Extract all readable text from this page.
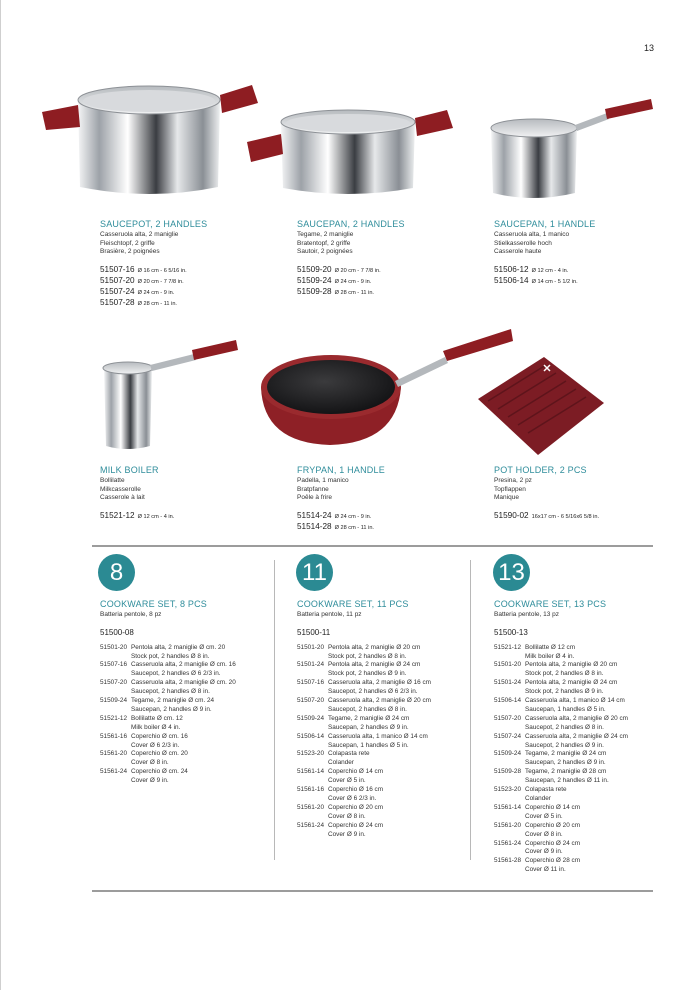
13
SAUCEPOT, 2 HANDLES
Casseruola alta, 2 maniglie
Fleischtopf, 2 griffe
Brasière, 2 poignées
51507-16 Ø 16 cm - 6 5/16 in.
51507-20 Ø 20 cm - 7 7/8 in.
51507-24 Ø 24 cm - 9 in.
51507-28 Ø 28 cm - 11 in.
SAUCEPAN, 2 HANDLES
Tegame, 2 maniglie
Bratentopf, 2 griffe
Sautoir, 2 poignées
51509-20 Ø 20 cm - 7 7/8 in.
51509-24 Ø 24 cm - 9 in.
51509-28 Ø 28 cm - 11 in.
SAUCEPAN, 1 HANDLE
Casseruola alta, 1 manico
Stielkasserolle hoch
Casserole haute
51506-12 Ø 12 cm - 4 in.
51506-14 Ø 14 cm - 5 1/2 in.
MILK BOILER
Bollilatte
Milkcasserolle
Casserole à lait
51521-12 Ø 12 cm - 4 in.
FRYPAN, 1 HANDLE
Padella, 1 manico
Bratpfanne
Poêle à frire
51514-24 Ø 24 cm - 9 in.
51514-28 Ø 28 cm - 11 in.
POT HOLDER, 2 PCS
Presina, 2 pz
Topflappen
Manique
51590-02 16x17 cm - 6 5/16x6 5/8 in.
8	11	13
COOKWARE SET, 8 PCS
Batteria pentole, 8 pz
51500-08
51501-20 Pentola alta, 2 maniglie Ø cm. 20
Stock pot, 2 handles Ø 8 in.
51507-16 Casseruola alta, 2 maniglie Ø cm. 16
Saucepot, 2 handles Ø 6 2/3 in.
51507-20 Casseruola alta, 2 maniglie Ø cm. 20
Saucepot, 2 handles Ø 8 in.
51509-24 Tegame, 2 maniglie Ø cm. 24
Saucepan, 2 handles Ø 9 in.
51521-12 Bollilatte Ø cm. 12
Milk boiler Ø 4 in.
51561-16 Coperchio Ø cm. 16
Cover Ø 6 2/3 in.
51561-20 Coperchio Ø cm. 20
Cover Ø 8 in.
51561-24 Coperchio Ø cm. 24
Cover Ø 9 in.
COOKWARE SET, 11 PCS
Batteria pentole, 11 pz
51500-11
51501-20 Pentola alta, 2 maniglie Ø 20 cm
Stock pot, 2 handles Ø 8 in.
51501-24 Pentola alta, 2 maniglie Ø 24 cm
Stock pot, 2 handles Ø 9 in.
51507-16 Casseruola alta, 2 maniglie Ø 16 cm
Saucepot, 2 handles Ø 6 2/3 in.
51507-20 Casseruola alta, 2 maniglie Ø 20 cm
Saucepot, 2 handles Ø 8 in.
51509-24 Tegame, 2 maniglie Ø 24 cm
Saucepan, 2 handles Ø 9 in.
51506-14 Casseruola alta, 1 manico Ø 14 cm
Saucepan, 1 handles Ø 5 in.
51523-20 Colapasta rete
Colander
51561-14 Coperchio Ø 14 cm
Cover Ø 5 in.
51561-16 Coperchio Ø 16 cm
Cover Ø 6 2/3 in.
51561-20 Coperchio Ø 20 cm
Cover Ø 8 in.
51561-24 Coperchio Ø 24 cm
Cover Ø 9 in.
COOKWARE SET, 13 PCS
Batteria pentole, 13 pz
51500-13
51521-12 Bollilatte Ø 12 cm
Milk boiler Ø 4 in.
51501-20 Pentola alta, 2 maniglie Ø 20 cm
Stock pot, 2 handles Ø 8 in.
51501-24 Pentola alta, 2 maniglie Ø 24 cm
Stock pot, 2 handles Ø 9 in.
51506-14 Casseruola alta, 1 manico Ø 14 cm
Saucepan, 1 handles Ø 5 in.
51507-20 Casseruola alta, 2 maniglie Ø 20 cm
Saucepot, 2 handles Ø 8 in.
51507-24 Casseruola alta, 2 maniglie Ø 24 cm
Saucepot, 2 handles Ø 9 in.
51509-24 Tegame, 2 maniglie Ø 24 cm
Saucepan, 2 handles Ø 9 in.
51509-28 Tegame, 2 maniglie Ø 28 cm
Saucepan, 2 handles Ø 11 in.
51523-20 Colapasta rete
Colander
51561-14 Coperchio Ø 14 cm
Cover Ø 5 in.
51561-20 Coperchio Ø 20 cm
Cover Ø 8 in.
51561-24 Coperchio Ø 24 cm
Cover Ø 9 in.
51561-28 Coperchio Ø 28 cm
Cover Ø 11 in.
